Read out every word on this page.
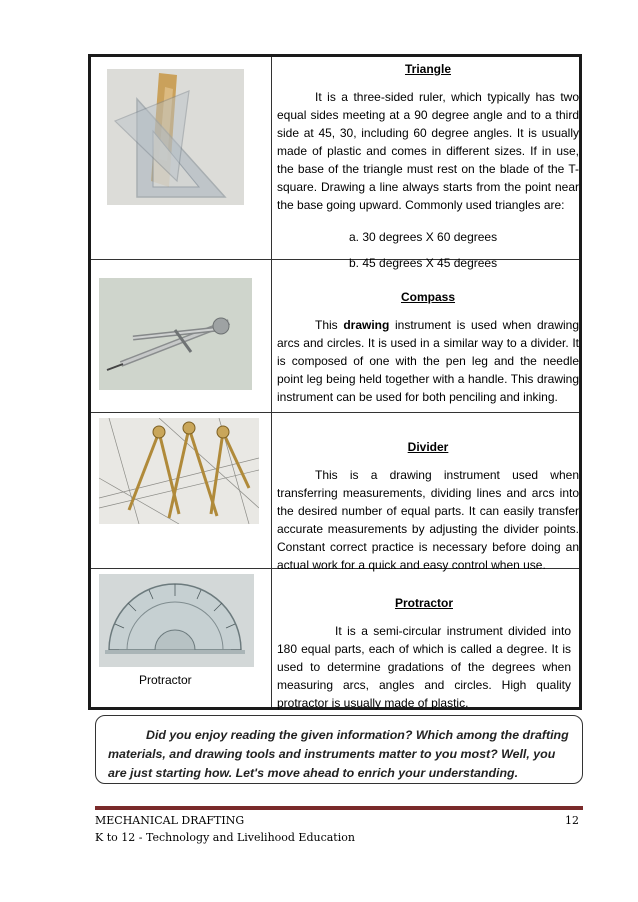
Triangle

It is a three-sided ruler, which typically has two equal sides meeting at a 90 degree angle and to a third side at 45, 30, including 60 degree angles. It is usually made of plastic and comes in different sizes. If in use, the base of the triangle must rest on the blade of the T-square. Drawing a line always starts from the point near the base going upward. Commonly used triangles are:

a. 30 degrees X 60 degrees
b. 45 degrees X 45 degrees
Compass

This drawing instrument is used when drawing arcs and circles. It is used in a similar way to a divider. It is composed of one with the pen leg and the needle point leg being held together with a handle. This drawing instrument can be used for both penciling and inking.

Divider

This is a drawing instrument used when transferring measurements, dividing lines and arcs into the desired number of equal parts. It can easily transfer accurate measurements by adjusting the divider points. Constant correct practice is necessary before doing an actual work for a quick and easy control when use.

Protractor
Protractor

It is a semi-circular instrument divided into 180 equal parts, each of which is called a degree. It is used to determine gradations of the degrees when measuring arcs, angles and circles. High quality protractor is usually made of plastic.

Did you enjoy reading the given information? Which among the drafting materials, and drawing tools and instruments matter to you most? Well, you are just starting how. Let's move ahead to enrich your understanding.
MECHANICAL DRAFTING
K to 12 - Technology and Livelihood Education
12
